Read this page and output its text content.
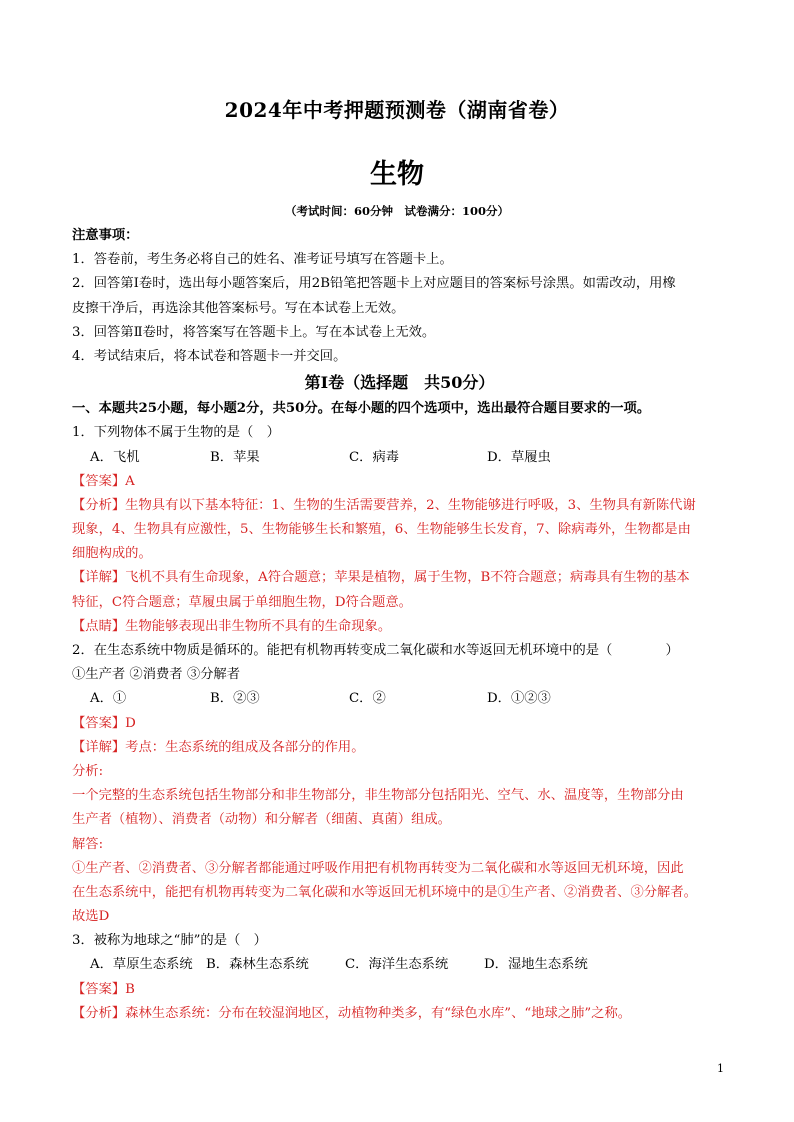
2024年中考押题预测卷（湖南省卷）
生物
（考试时间：60分钟　试卷满分：100分）
注意事项：
1．答卷前，考生务必将自己的姓名、准考证号填写在答题卡上。
2．回答第Ⅰ卷时，选出每小题答案后，用2B铅笔把答题卡上对应题目的答案标号涂黑。如需改动，用橡
皮擦干净后，再选涂其他答案标号。写在本试卷上无效。
3．回答第Ⅱ卷时，将答案写在答题卡上。写在本试卷上无效。
4．考试结束后，将本试卷和答题卡一并交回。
第Ⅰ卷（选择题　共50分）
一、本题共25小题，每小题2分，共50分。在每小题的四个选项中，选出最符合题目要求的一项。
1．下列物体不属于生物的是（　）
A．飞机	B．苹果	C．病毒	D．草履虫
【答案】A
【分析】生物具有以下基本特征：1、生物的生活需要营养，2、生物能够进行呼吸，3、生物具有新陈代谢
现象，4、生物具有应激性，5、生物能够生长和繁殖，6、生物能够生长发育，7、除病毒外，生物都是由
细胞构成的。
【详解】飞机不具有生命现象，A符合题意；苹果是植物，属于生物，B不符合题意；病毒具有生物的基本
特征，C符合题意；草履虫属于单细胞生物，D符合题意。
【点睛】生物能够表现出非生物所不具有的生命现象。
2．在生态系统中物质是循环的。能把有机物再转变成二氧化碳和水等返回无机环境中的是（　　　　）
①生产者 ②消费者 ③分解者
A．①	B．②③	C．②	D．①②③
【答案】D
【详解】考点：生态系统的组成及各部分的作用。
分析:
一个完整的生态系统包括生物部分和非生物部分，非生物部分包括阳光、空气、水、温度等，生物部分由
生产者（植物）、消费者（动物）和分解者（细菌、真菌）组成。
解答:
①生产者、②消费者、③分解者都能通过呼吸作用把有机物再转变为二氧化碳和水等返回无机环境，因此
在生态系统中，能把有机物再转变为二氧化碳和水等返回无机环境中的是①生产者、②消费者、③分解者。
故选D
3．被称为地球之“肺”的是（　）
A．草原生态系统 B．森林生态系统	C．海洋生态系统	D．湿地生态系统
【答案】B
【分析】森林生态系统：分布在较湿润地区，动植物种类多，有“绿色水库”、“地球之肺”之称。
1
